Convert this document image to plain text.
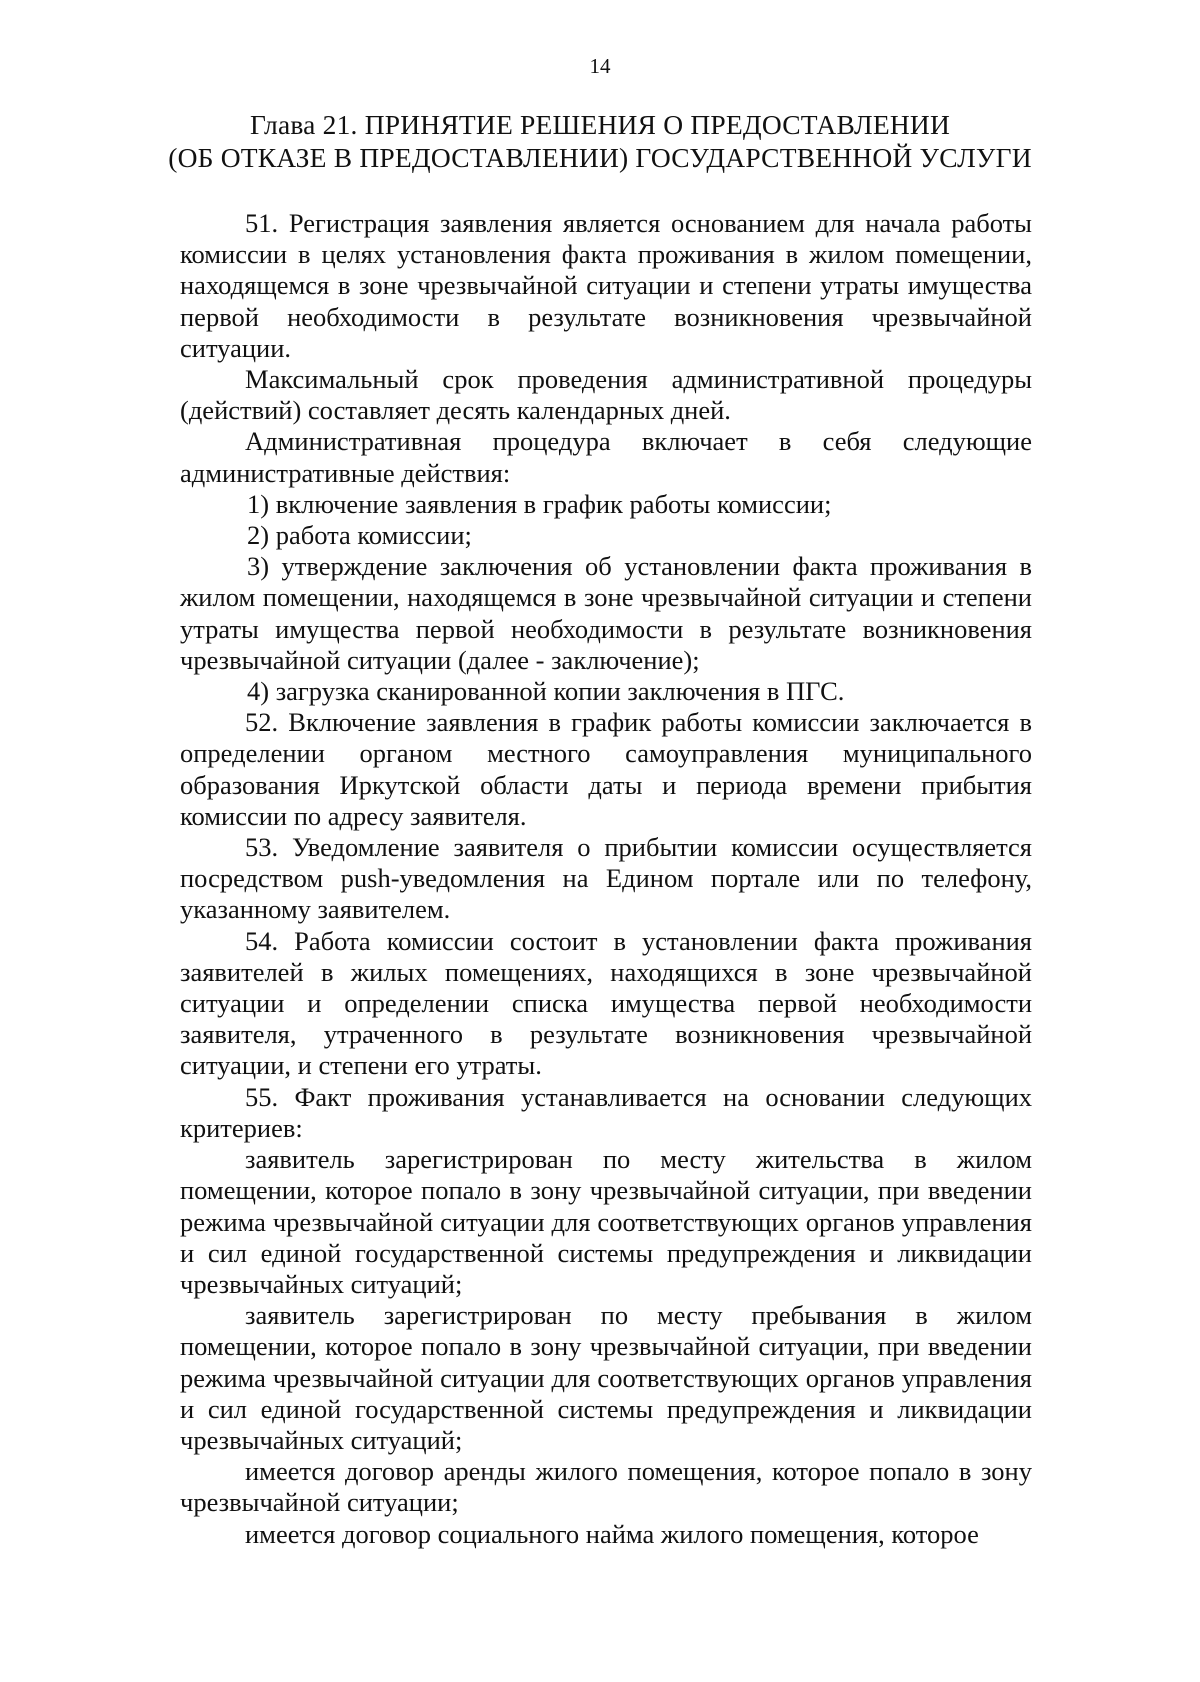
14
Глава 21. ПРИНЯТИЕ РЕШЕНИЯ О ПРЕДОСТАВЛЕНИИ
(ОБ ОТКАЗЕ В ПРЕДОСТАВЛЕНИИ) ГОСУДАРСТВЕННОЙ УСЛУГИ

51. Регистрация заявления является основанием для начала работы комиссии в целях установления факта проживания в жилом помещении, находящемся в зоне чрезвычайной ситуации и степени утраты имущества первой необходимости в результате возникновения чрезвычайной ситуации.

Максимальный срок проведения административной процедуры (действий) составляет десять календарных дней.

Административная процедура включает в себя следующие административные действия:

1) включение заявления в график работы комиссии;

2) работа комиссии;

3) утверждение заключения об установлении факта проживания в жилом помещении, находящемся в зоне чрезвычайной ситуации и степени утраты имущества первой необходимости в результате возникновения чрезвычайной ситуации (далее - заключение);

4) загрузка сканированной копии заключения в ПГС.

52. Включение заявления в график работы комиссии заключается в определении органом местного самоуправления муниципального образования Иркутской области даты и периода времени прибытия комиссии по адресу заявителя.

53. Уведомление заявителя о прибытии комиссии осуществляется посредством push-уведомления на Едином портале или по телефону, указанному заявителем.

54. Работа комиссии состоит в установлении факта проживания заявителей в жилых помещениях, находящихся в зоне чрезвычайной ситуации и определении списка имущества первой необходимости заявителя, утраченного в результате возникновения чрезвычайной ситуации, и степени его утраты.

55. Факт проживания устанавливается на основании следующих критериев:

заявитель зарегистрирован по месту жительства в жилом помещении, которое попало в зону чрезвычайной ситуации, при введении режима чрезвычайной ситуации для соответствующих органов управления и сил единой государственной системы предупреждения и ликвидации чрезвычайных ситуаций;

заявитель зарегистрирован по месту пребывания в жилом помещении, которое попало в зону чрезвычайной ситуации, при введении режима чрезвычайной ситуации для соответствующих органов управления и сил единой государственной системы предупреждения и ликвидации чрезвычайных ситуаций;

имеется договор аренды жилого помещения, которое попало в зону чрезвычайной ситуации;

имеется договор социального найма жилого помещения, которое
